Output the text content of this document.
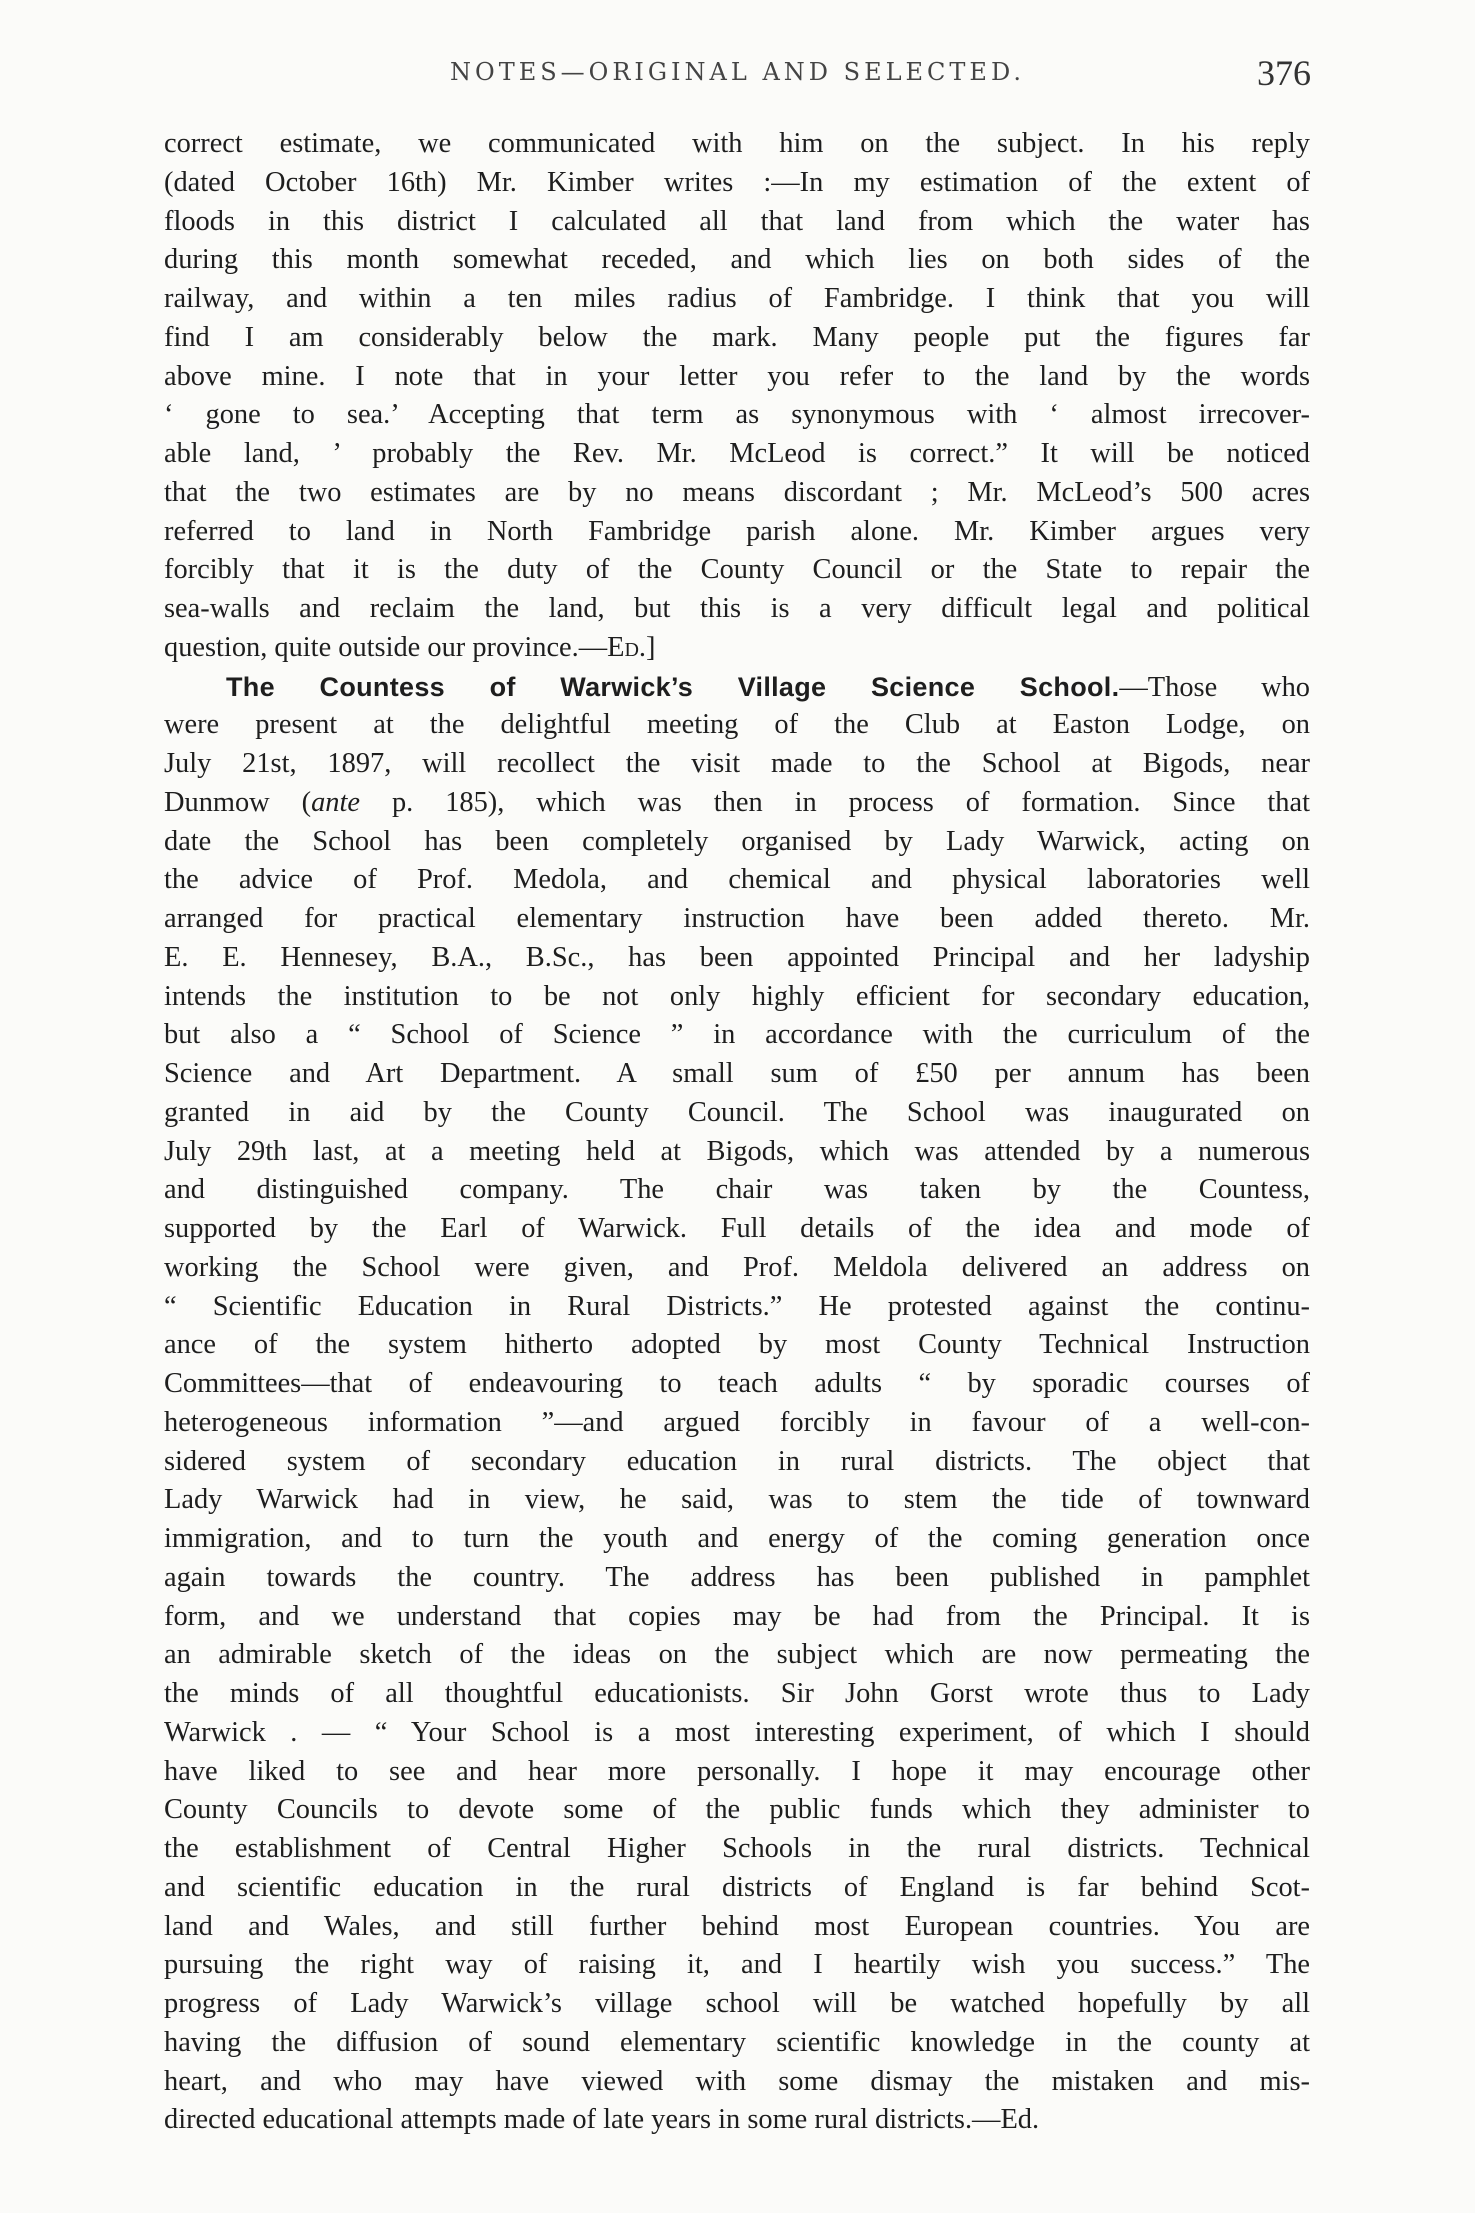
NOTES—ORIGINAL AND SELECTED.	376
correct estimate, we communicated with him on the subject. In his reply
(dated October 16th) Mr. Kimber writes :—In my estimation of the extent of
floods in this district I calculated all that land from which the water has
during this month somewhat receded, and which lies on both sides of the
railway, and within a ten miles radius of Fambridge. I think that you will
find I am considerably below the mark. Many people put the figures far
above mine. I note that in your letter you refer to the land by the words
‘ gone to sea.’ Accepting that term as synonymous with ‘ almost irrecover-
able land, ’ probably the Rev. Mr. McLeod is correct.” It will be noticed
that the two estimates are by no means discordant ; Mr. McLeod’s 500 acres
referred to land in North Fambridge parish alone. Mr. Kimber argues very
forcibly that it is the duty of the County Council or the State to repair the
sea-walls and reclaim the land, but this is a very difficult legal and political
question, quite outside our province.—Ed.]
The Countess of Warwick’s Village Science School.—Those who
were present at the delightful meeting of the Club at Easton Lodge, on
July 21st, 1897, will recollect the visit made to the School at Bigods, near
Dunmow (ante p. 185), which was then in process of formation. Since that
date the School has been completely organised by Lady Warwick, acting on
the advice of Prof. Medola, and chemical and physical laboratories well
arranged for practical elementary instruction have been added thereto. Mr.
E. E. Hennesey, B.A., B.Sc., has been appointed Principal and her ladyship
intends the institution to be not only highly efficient for secondary education,
but also a “ School of Science ” in accordance with the curriculum of the
Science and Art Department. A small sum of £50 per annum has been
granted in aid by the County Council. The School was inaugurated on
July 29th last, at a meeting held at Bigods, which was attended by a numerous
and distinguished company. The chair was taken by the Countess,
supported by the Earl of Warwick. Full details of the idea and mode of
working the School were given, and Prof. Meldola delivered an address on
“ Scientific Education in Rural Districts.” He protested against the continu-
ance of the system hitherto adopted by most County Technical Instruction
Committees—that of endeavouring to teach adults “ by sporadic courses of
heterogeneous information ”—and argued forcibly in favour of a well-con-
sidered system of secondary education in rural districts. The object that
Lady Warwick had in view, he said, was to stem the tide of townward
immigration, and to turn the youth and energy of the coming generation once
again towards the country. The address has been published in pamphlet
form, and we understand that copies may be had from the Principal. It is
an admirable sketch of the ideas on the subject which are now permeating the
the minds of all thoughtful educationists. Sir John Gorst wrote thus to Lady
Warwick . — “ Your School is a most interesting experiment, of which I should
have liked to see and hear more personally. I hope it may encourage other
County Councils to devote some of the public funds which they administer to
the establishment of Central Higher Schools in the rural districts. Technical
and scientific education in the rural districts of England is far behind Scot-
land and Wales, and still further behind most European countries. You are
pursuing the right way of raising it, and I heartily wish you success.” The
progress of Lady Warwick’s village school will be watched hopefully by all
having the diffusion of sound elementary scientific knowledge in the county at
heart, and who may have viewed with some dismay the mistaken and mis-
directed educational attempts made of late years in some rural districts.—Ed.
